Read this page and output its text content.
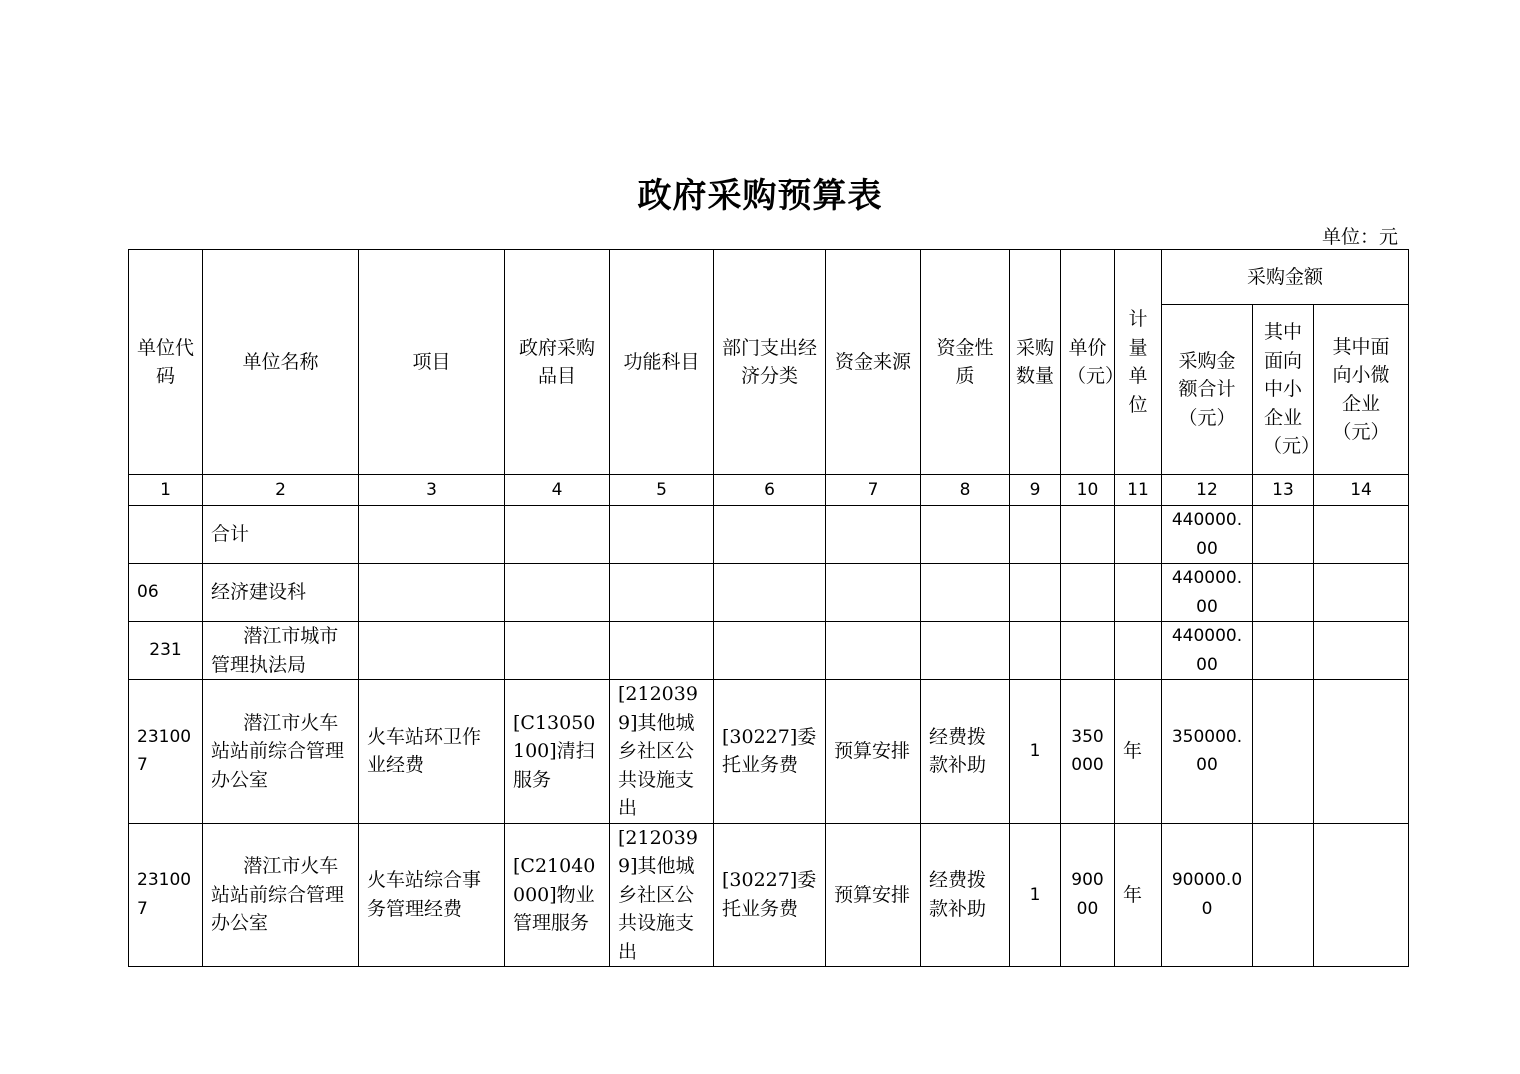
政府采购预算表
单位：元
单位代码	单位名称	项目	政府采购品目	功能科目	部门支出经济分类	资金来源	资金性质	采购数量	单价（元）	计量单位	采购金额		
											采购金额合计（元）	其中面向中小企业（元）	其中面向小微企业（元）
1	2	3	4	5	6	7	8	9	10	11	12	13	14
	合计										440000.00		
06	经济建设科										440000.00		
231	潜江市城市管理执法局										440000.00		
231007	潜江市火车站站前综合管理办公室	火车站环卫作业经费	[C13050100]清扫服务	[2120399]其他城乡社区公共设施支出	[30227]委托业务费	预算安排	经费拨款补助	1	350000	年	350000.00		
231007	潜江市火车站站前综合管理办公室	火车站综合事务管理经费	[C21040000]物业管理服务	[2120399]其他城乡社区公共设施支出	[30227]委托业务费	预算安排	经费拨款补助	1	90000	年	90000.00		
